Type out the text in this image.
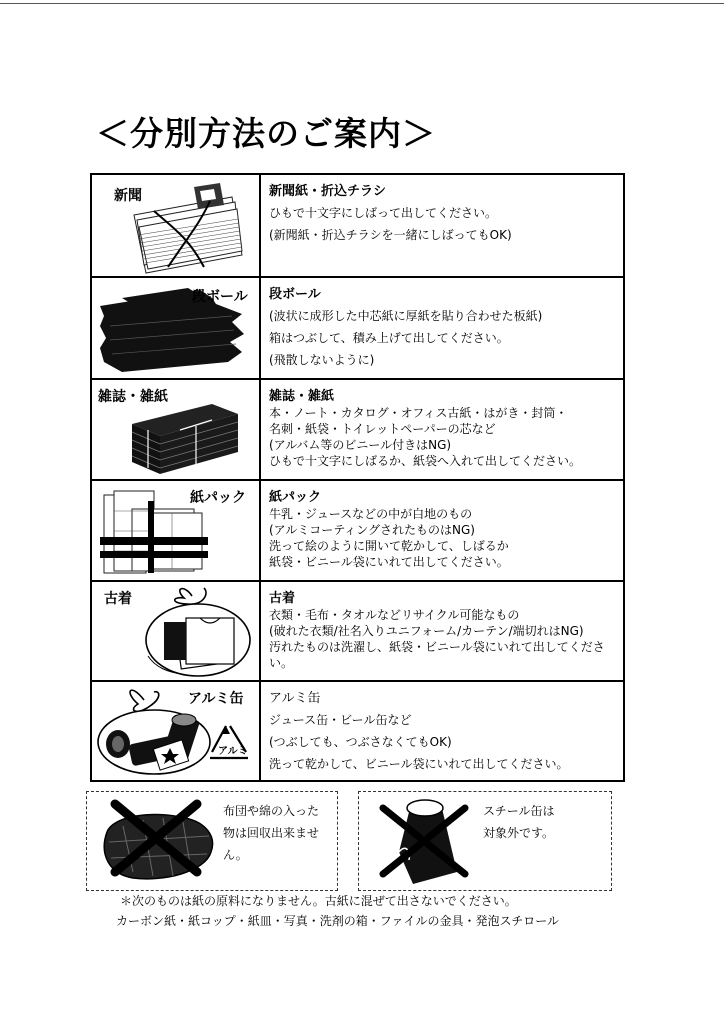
＜分別方法のご案内＞
新聞	新聞紙・折込チラシ
ひもで十文字にしばって出してください。
(新聞紙・折込チラシを一緒にしばってもOK)
段ボール 段ボール
(波状に成形した中芯紙に厚紙を貼り合わせた板紙)
箱はつぶして、積み上げて出してください。
(飛散しないように)
雑誌・雑紙	雑誌・雑紙
本・ノート・カタログ・オフィス古紙・はがき・封筒・
名刺・紙袋・トイレットペーパーの芯など
(アルバム等のビニール付きはNG)
ひもで十文字にしばるか、紙袋へ入れて出してください。
紙パック 紙パック
牛乳・ジュースなどの中が白地のもの
(アルミコーティングされたものはNG)
洗って絵のように開いて乾かして、しばるか
紙袋・ビニール袋にいれて出してください。
古着	古着
衣類・毛布・タオルなどリサイクル可能なもの
(破れた衣類/社名入りユニフォーム/カーテン/端切れはNG)
汚れたものは洗濯し、紙袋・ビニール袋にいれて出してくださ
い。
アルミ
アルミ缶 アルミ缶
ジュース缶・ビール缶など
(つぶしても、つぶさなくてもOK)
洗って乾かして、ビニール袋にいれて出してください。
布団や綿の入った
物は回収出来ませ
ん。
スチール缶は
対象外です。
＊次のものは紙の原料になりません。古紙に混ぜて出さないでください。
カーボン紙・紙コップ・紙皿・写真・洗剤の箱・ファイルの金具・発泡スチロール
